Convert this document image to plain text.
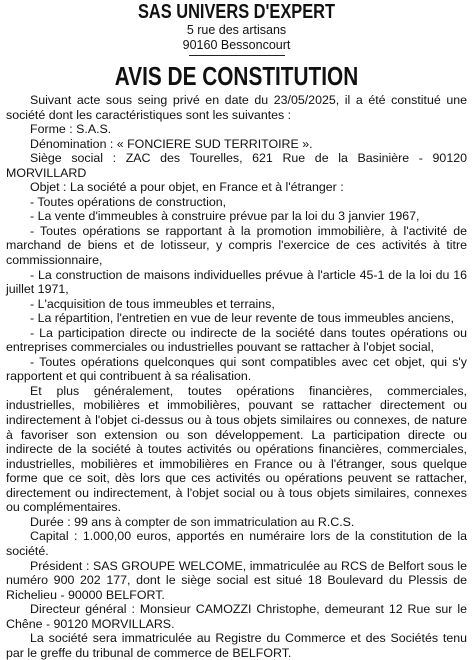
SAS UNIVERS D'EXPERT
5 rue des artisans
90160 Bessoncourt
AVIS DE CONSTITUTION

Suivant acte sous seing privé en date du 23/05/2025, il a été constitué une société dont les caractéristiques sont les suivantes :

Forme : S.A.S.

Dénomination : « FONCIERE SUD TERRITOIRE ».

Siège social : ZAC des Tourelles, 621 Rue de la Basinière - 90120 MORVILLARD

Objet : La société a pour objet, en France et à l'étranger :

- Toutes opérations de construction,

- La vente d'immeubles à construire prévue par la loi du 3 janvier 1967,

- Toutes opérations se rapportant à la promotion immobilière, à l'activité de marchand de biens et de lotisseur, y compris l'exercice de ces activités à titre commissionnaire,

- La construction de maisons individuelles prévue à l'article 45-1 de la loi du 16 juillet 1971,

- L'acquisition de tous immeubles et terrains,

- La répartition, l'entretien en vue de leur revente de tous immeubles anciens,

- La participation directe ou indirecte de la société dans toutes opérations ou entreprises commerciales ou industrielles pouvant se rattacher à l'objet social,

- Toutes opérations quelconques qui sont compatibles avec cet objet, qui s'y rapportent et qui contribuent à sa réalisation.

Et plus généralement, toutes opérations financières, commerciales, industrielles, mobilières et immobilières, pouvant se rattacher directement ou indirectement à l'objet ci-dessus ou à tous objets similaires ou connexes, de nature à favoriser son extension ou son développement. La participation directe ou indirecte de la société à toutes activités ou opérations financières, commerciales, industrielles, mobilières et immobilières en France ou à l'étranger, sous quelque forme que ce soit, dès lors que ces activités ou opérations peuvent se rattacher, directement ou indirectement, à l'objet social ou à tous objets similaires, connexes ou complémentaires.

Durée : 99 ans à compter de son immatriculation au R.C.S.

Capital : 1.000,00 euros, apportés en numéraire lors de la constitution de la société.

Président : SAS GROUPE WELCOME, immatriculée au RCS de Belfort sous le numéro 900 202 177, dont le siège social est situé 18 Boulevard du Plessis de Richelieu - 90000 BELFORT.

Directeur général : Monsieur CAMOZZI Christophe, demeurant 12 Rue sur le Chêne - 90120 MORVILLARS.

La société sera immatriculée au Registre du Commerce et des Sociétés tenu par le greffe du tribunal de commerce de BELFORT.
